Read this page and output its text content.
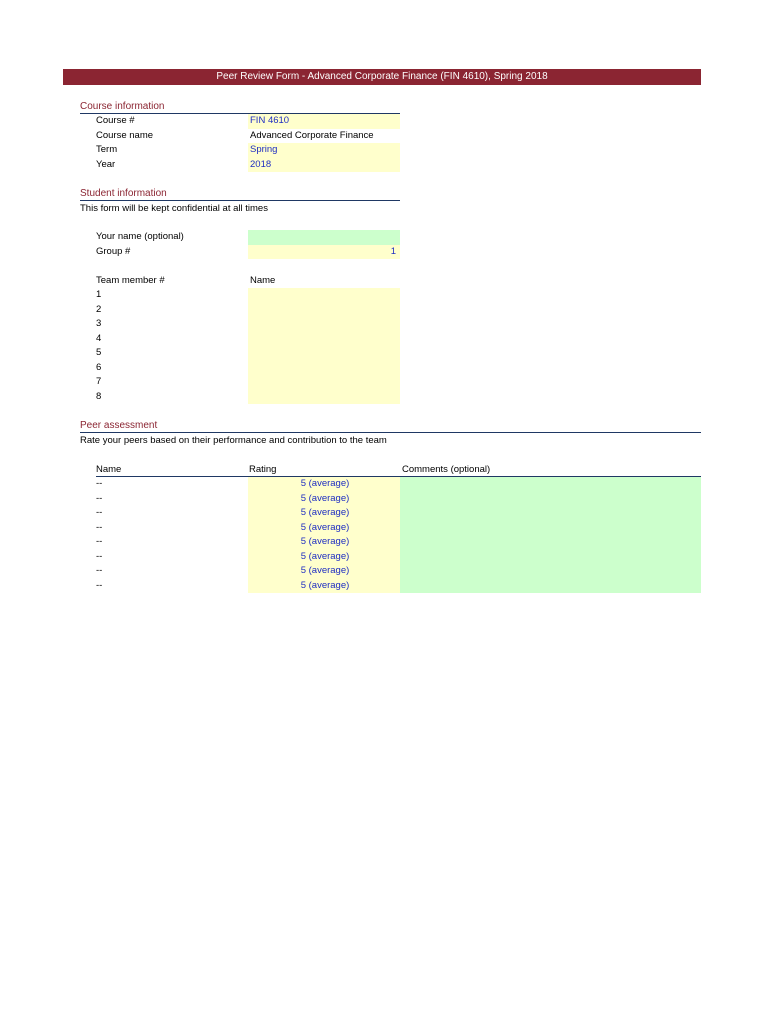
Peer Review Form - Advanced Corporate Finance (FIN 4610), Spring 2018
Course information
Course #	FIN 4610
Course name	Advanced Corporate Finance
Term	Spring
Year	2018
Student information
This form will be kept confidential at all times
Your name (optional)
Group #	1
Team member #	Name
1
2
3
4
5
6
7
8
Peer assessment
Rate your peers based on their performance and contribution to the team
Name	Rating	Comments (optional)
--	5 (average)
--	5 (average)
--	5 (average)
--	5 (average)
--	5 (average)
--	5 (average)
--	5 (average)
--	5 (average)
